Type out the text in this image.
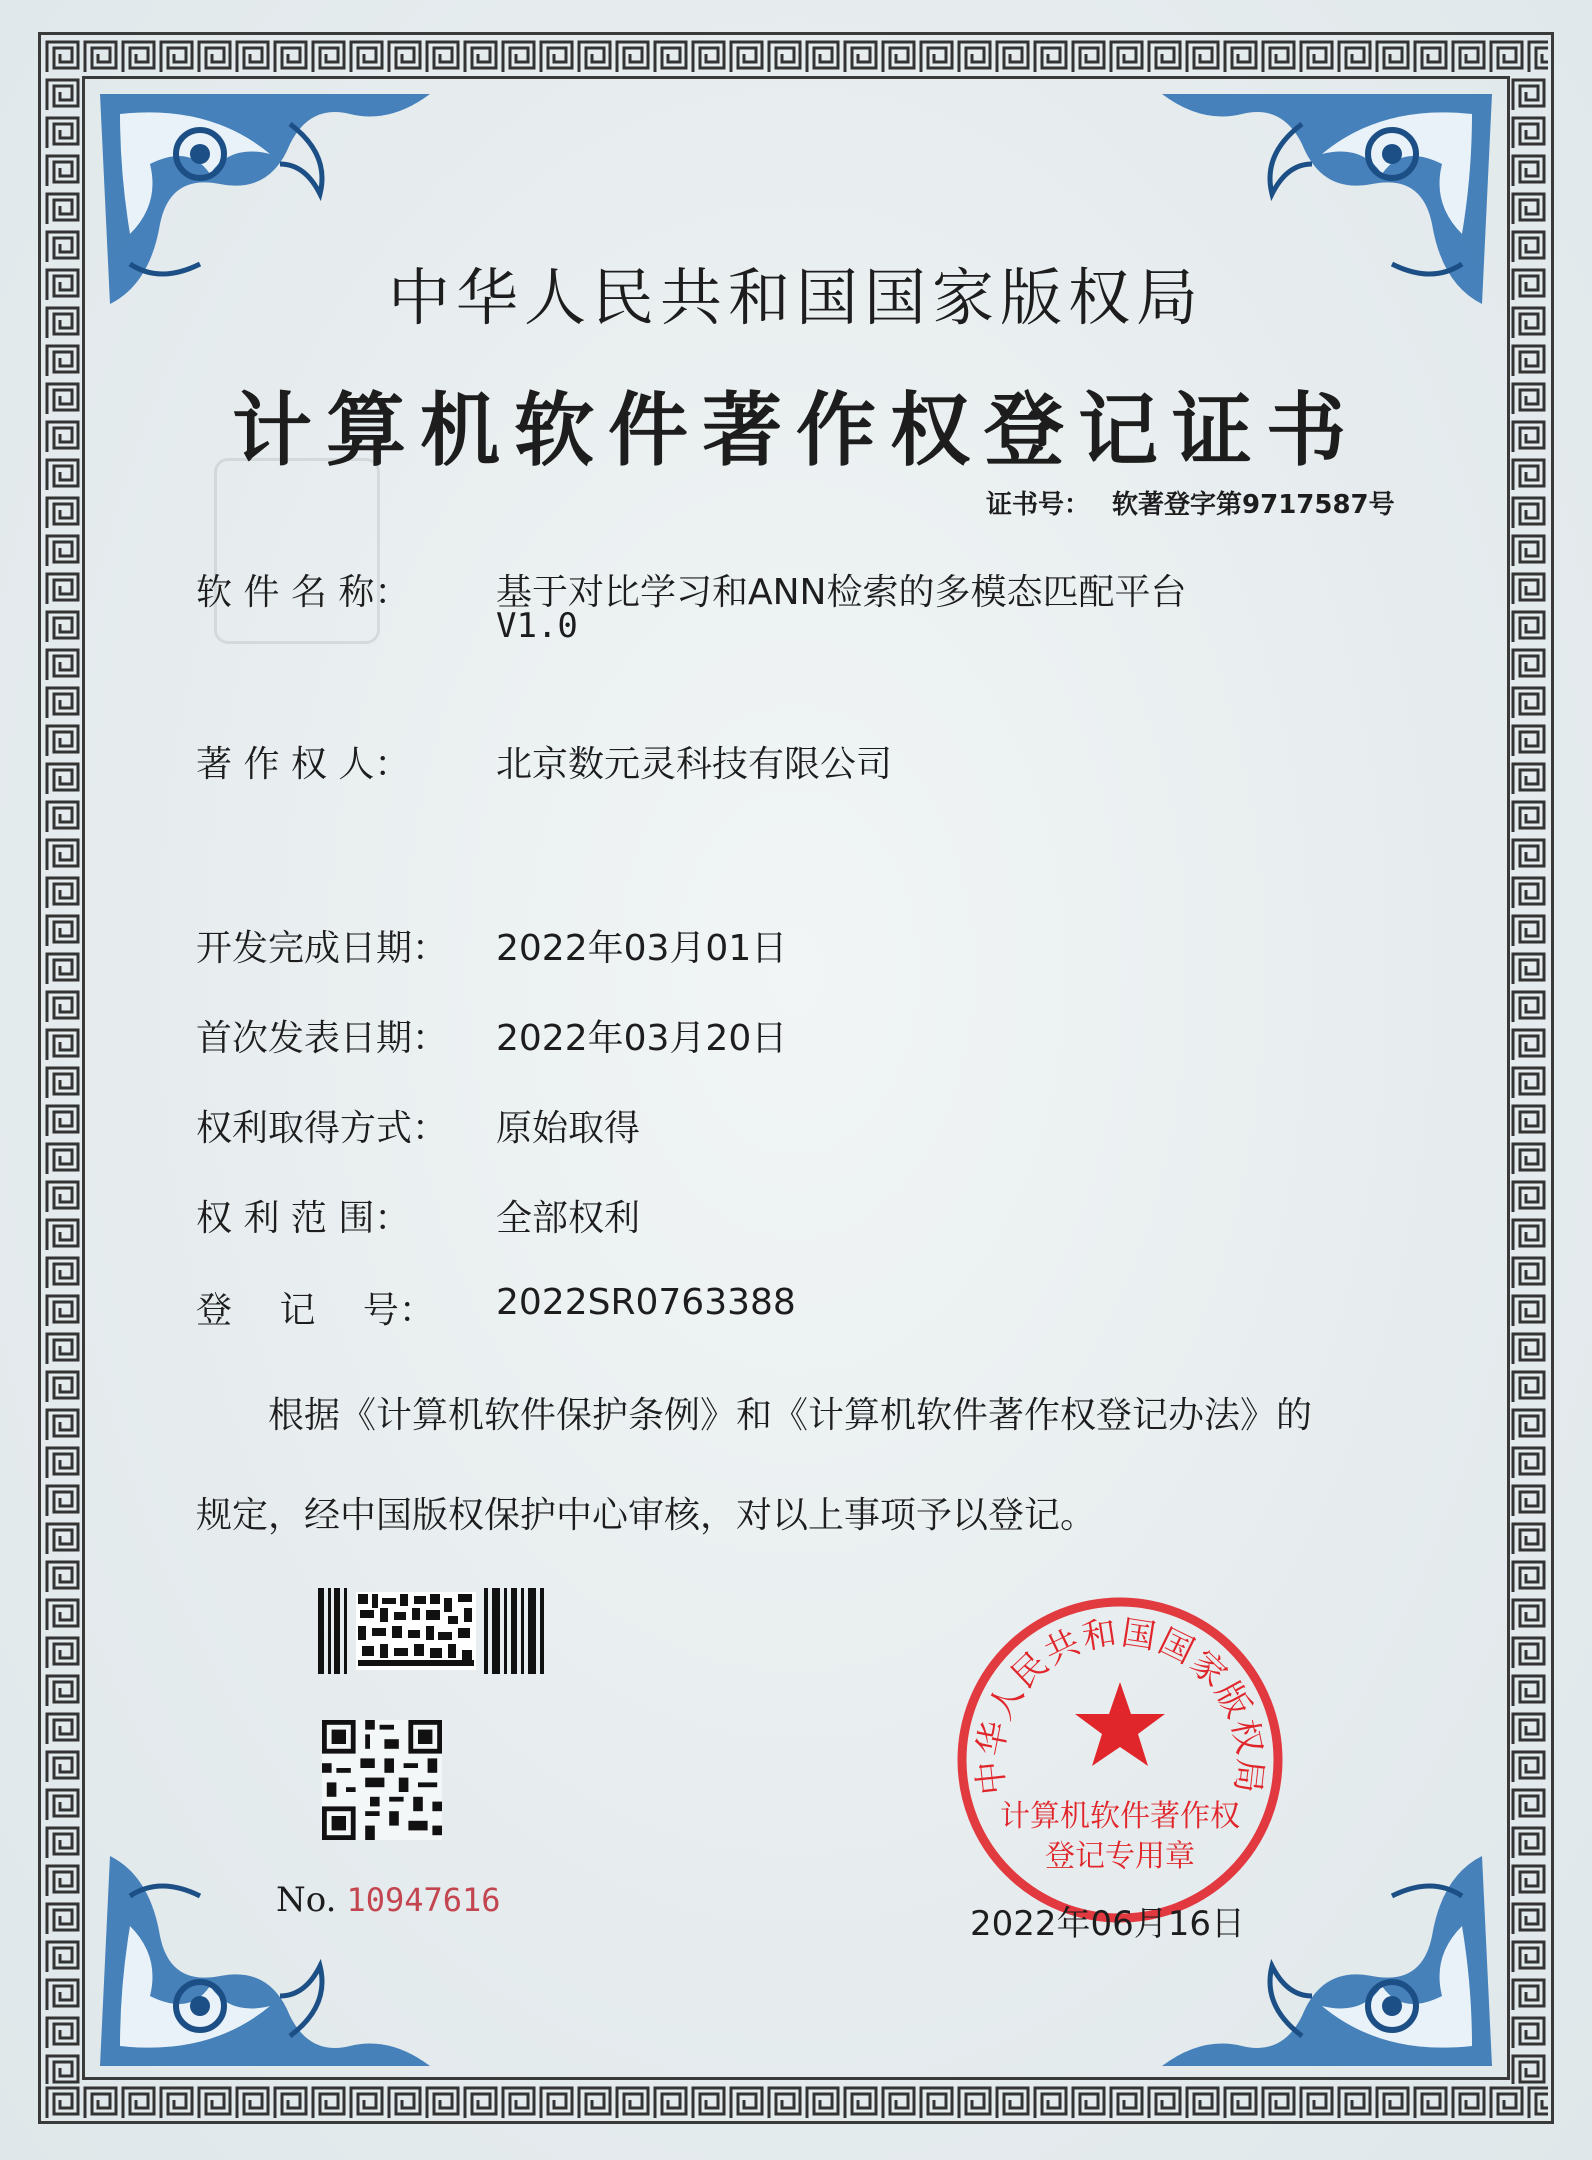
中华人民共和国国家版权局
计算机软件著作权登记证书
证书号： 软著登字第9717587号
软 件 名 称： 基于对比学习和ANN检索的多模态匹配平台
V1.0
著 作 权 人： 北京数元灵科技有限公司
开发完成日期： 2022年03月01日
首次发表日期： 2022年03月20日
权利取得方式： 原始取得
权 利 范 围： 全部权利
登　 记　 号： 2022SR0763388
根据《计算机软件保护条例》和《计算机软件著作权登记办法》的
规定，经中国版权保护中心审核，对以上事项予以登记。
No. 10947616
中华人民共和国国家版权局
计算机软件著作权
登记专用章
2022年06月16日
